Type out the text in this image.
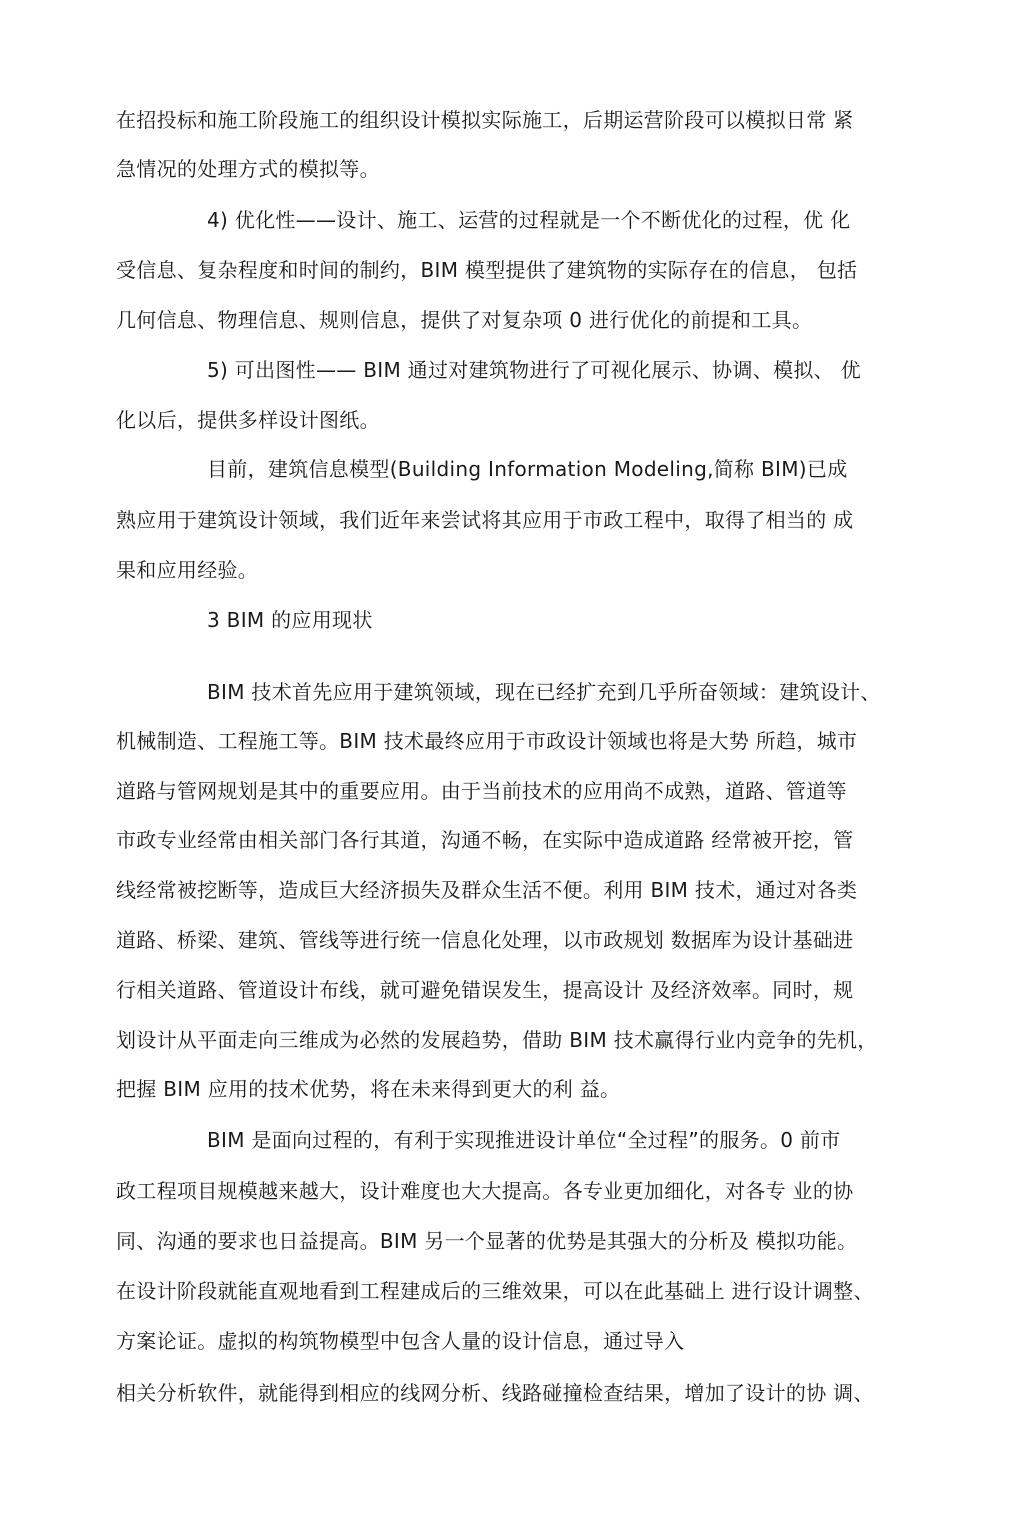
在招投标和施工阶段施工的组织设计模拟实际施工，后期运营阶段可以模拟日常 紧
急情况的处理方式的模拟等。
4) 优化性——设计、施工、运营的过程就是一个不断优化的过程，优 化
受信息、复杂程度和时间的制约，BIM 模型提供了建筑物的实际存在的信息， 包括
几何信息、物理信息、规则信息，提供了对复杂项 0 进行优化的前提和工具。
5) 可出图性—— BIM 通过对建筑物进行了可视化展示、协调、模拟、 优
化以后，提供多样设计图纸。
目前，建筑信息模型(Building Information Modeling,简称 BIM)已成
熟应用于建筑设计领域，我们近年来尝试将其应用于市政工程中，取得了相当的 成
果和应用经验。
3 BIM 的应用现状
BIM 技术首先应用于建筑领域，现在已经扩充到几乎所奋领域：建筑设计、
机械制造、工程施工等。BIM 技术最终应用于市政设计领域也将是大势 所趋，城市
道路与管网规划是其中的重要应用。由于当前技术的应用尚不成熟，道路、管道等
市政专业经常由相关部门各行其道，沟通不畅，在实际中造成道路 经常被开挖，管
线经常被挖断等，造成巨大经济损失及群众生活不便。利用 BIM 技术，通过对各类
道路、桥梁、建筑、管线等进行统一信息化处理，以市政规划 数据库为设计基础进
行相关道路、管道设计布线，就可避免错误发生，提高设计 及经济效率。同时，规
划设计从平面走向三维成为必然的发展趋势，借助 BIM 技术赢得行业内竞争的先机，
把握 BIM 应用的技术优势，将在未来得到更大的利 益。
BIM 是面向过程的，有利于实现推进设计单位“全过程”的服务。0 前市
政工程项目规模越来越大，设计难度也大大提高。各专业更加细化，对各专 业的协
同、沟通的要求也日益提高。BIM 另一个显著的优势是其强大的分析及 模拟功能。
在设计阶段就能直观地看到工程建成后的三维效果，可以在此基础上 进行设计调整、
方案论证。虚拟的构筑物模型中包含人量的设计信息，通过导入
相关分析软件，就能得到相应的线网分析、线路碰撞检查结果，增加了设计的协 调、
